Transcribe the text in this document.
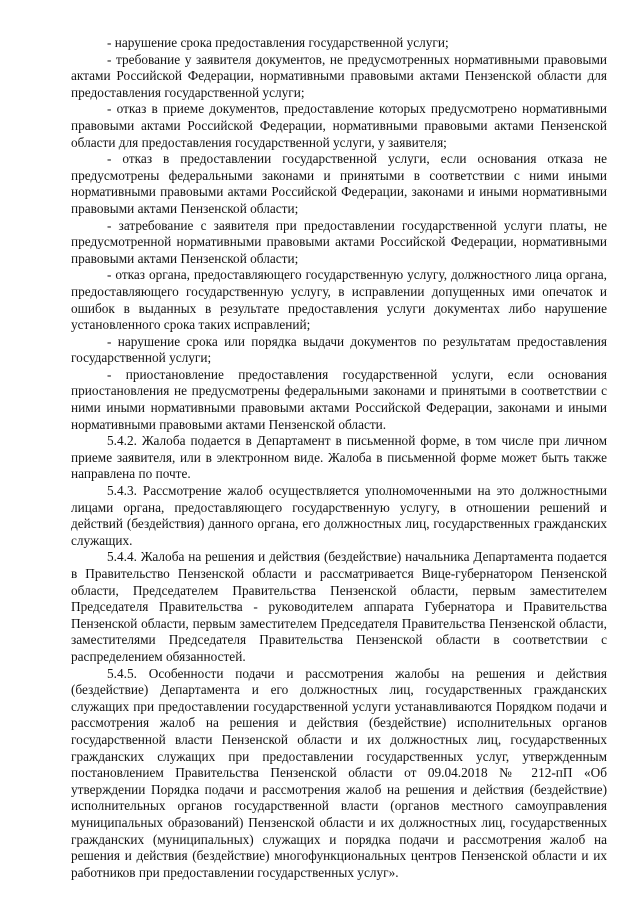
- нарушение срока предоставления государственной услуги;

- требование у заявителя документов, не предусмотренных нормативными правовыми актами Российской Федерации, нормативными правовыми актами Пензенской области для предоставления государственной услуги;

- отказ в приеме документов, предоставление которых предусмотрено нормативными правовыми актами Российской Федерации, нормативными правовыми актами Пензенской области для предоставления государственной услуги, у заявителя;

- отказ в предоставлении государственной услуги, если основания отказа не предусмотрены федеральными законами и принятыми в соответствии с ними иными нормативными правовыми актами Российской Федерации, законами и иными нормативными правовыми актами Пензенской области;

- затребование с заявителя при предоставлении государственной услуги платы, не предусмотренной нормативными правовыми актами Российской Федерации, нормативными правовыми актами Пензенской области;

- отказ органа, предоставляющего государственную услугу, должностного лица органа, предоставляющего государственную услугу, в исправлении допущенных ими опечаток и ошибок в выданных в результате предоставления услуги документах либо нарушение установленного срока таких исправлений;

- нарушение срока или порядка выдачи документов по результатам предоставления государственной услуги;

- приостановление предоставления государственной услуги, если основания приостановления не предусмотрены федеральными законами и принятыми в соответствии с ними иными нормативными правовыми актами Российской Федерации, законами и иными нормативными правовыми актами Пензенской области.

5.4.2. Жалоба подается в Департамент в письменной форме, в том числе при личном приеме заявителя, или в электронном виде. Жалоба в письменной форме может быть также направлена по почте.

5.4.3. Рассмотрение жалоб осуществляется уполномоченными на это должностными лицами органа, предоставляющего государственную услугу, в отношении решений и действий (бездействия) данного органа, его должностных лиц, государственных гражданских служащих.

5.4.4. Жалоба на решения и действия (бездействие) начальника Департамента подается в Правительство Пензенской области и рассматривается Вице-губернатором Пензенской области, Председателем Правительства Пензенской области, первым заместителем Председателя Правительства - руководителем аппарата Губернатора и Правительства Пензенской области, первым заместителем Председателя Правительства Пензенской области, заместителями Председателя Правительства Пензенской области в соответствии с распределением обязанностей.

5.4.5. Особенности подачи и рассмотрения жалобы на решения и действия (бездействие) Департамента и его должностных лиц, государственных гражданских служащих при предоставлении государственной услуги устанавливаются Порядком подачи и рассмотрения жалоб на решения и действия (бездействие) исполнительных органов государственной власти Пензенской области и их должностных лиц, государственных гражданских служащих при предоставлении государственных услуг, утвержденным постановлением Правительства Пензенской области от 09.04.2018 № 212-пП «Об утверждении Порядка подачи и рассмотрения жалоб на решения и действия (бездействие) исполнительных органов государственной власти (органов местного самоуправления муниципальных образований) Пензенской области и их должностных лиц, государственных гражданских (муниципальных) служащих и порядка подачи и рассмотрения жалоб на решения и действия (бездействие) многофункциональных центров Пензенской области и их работников при предоставлении государственных услуг».
